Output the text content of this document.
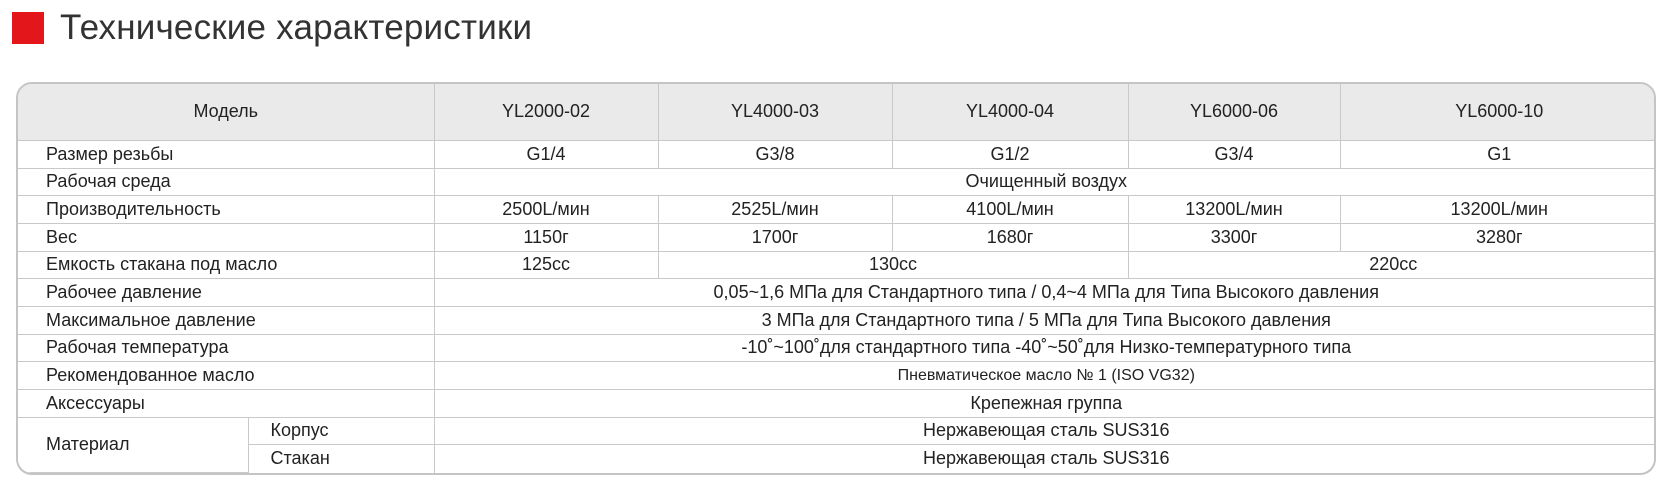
Технические характеристики
Модель		YL2000-02	YL4000-03	YL4000-04	YL6000-06	YL6000-10
Размер резьбы		G1/4	G3/8	G1/2	G3/4	G1
Рабочая среда		Очищенный воздух				
Производительность		2500L/мин	2525L/мин	4100L/мин	13200L/мин	13200L/мин
Вес		1150г	1700г	1680г	3300г	3280г
Емкость стакана под масло		125cc	130cc		220cc	
Рабочее давление		0,05~1,6 МПа для Стандартного типа / 0,4~4 МПа для Типа Высокого давления				
Максимальное давление		3 МПа для Стандартного типа / 5 МПа для Типа Высокого давления				
Рабочая температура		-10˚~100˚для стандартного типа -40˚~50˚для Низко-температурного типа				
Рекомендованное масло		Пневматическое масло № 1 (ISO VG32)				
Аксессуары		Крепежная группа				
Материал	Корпус	Нержавеющая сталь SUS316				
	Стакан	Нержавеющая сталь SUS316				
